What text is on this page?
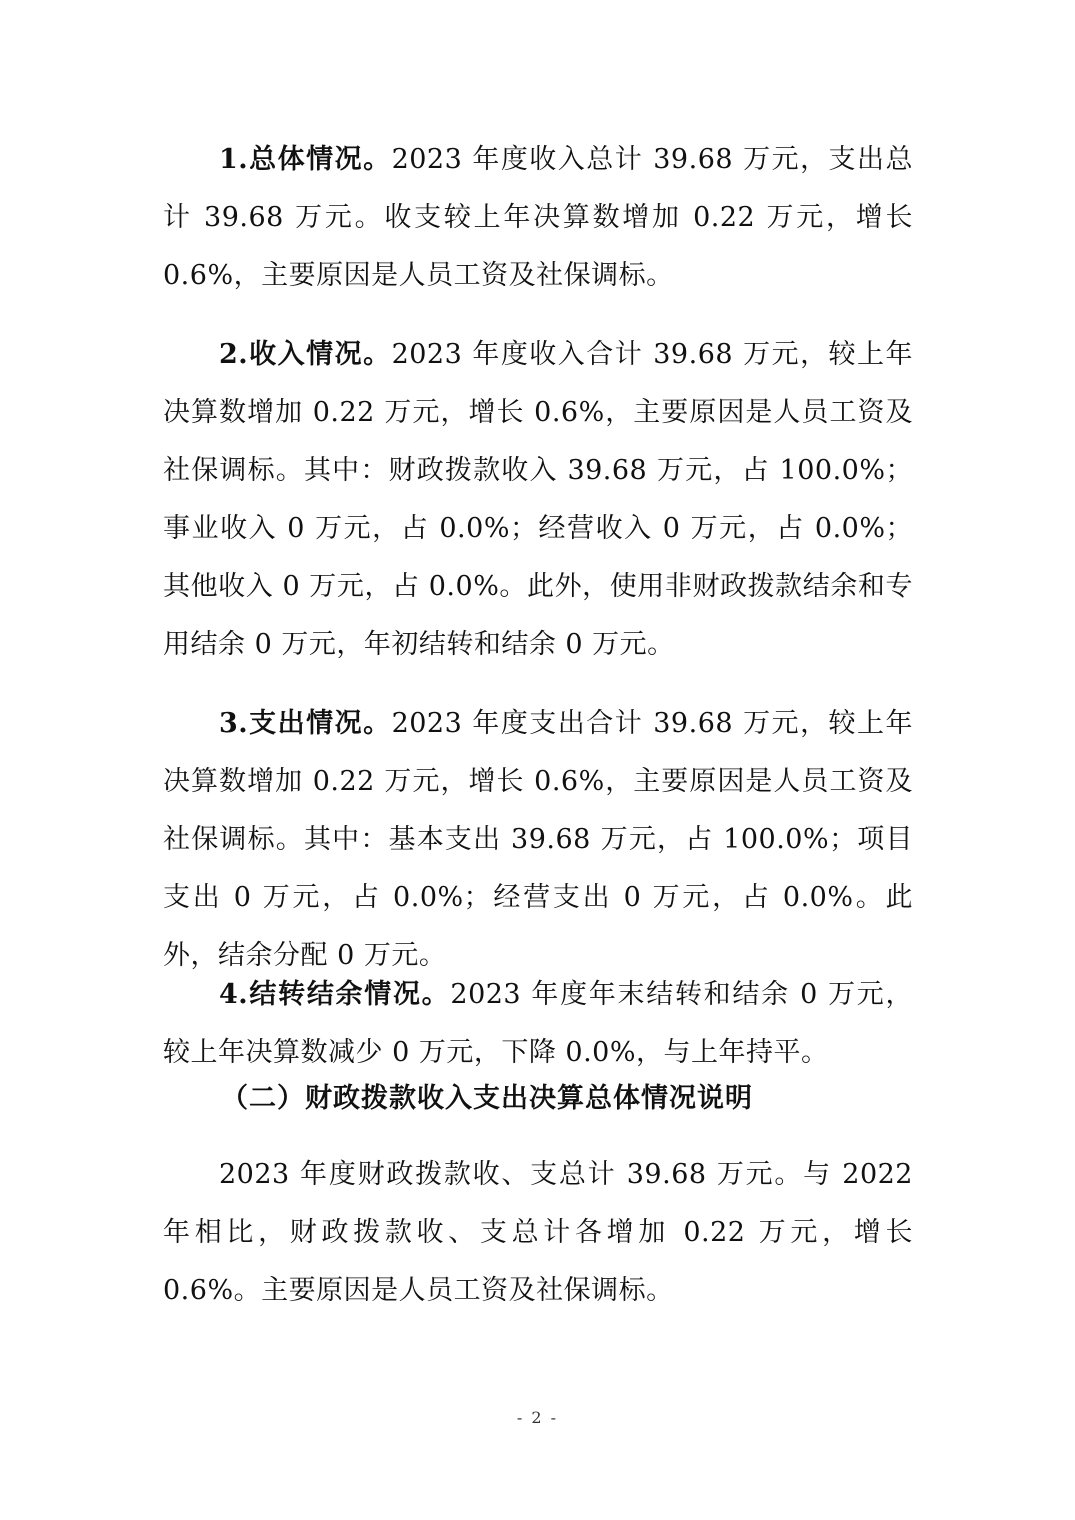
1.总体情况。2023 年度收入总计 39.68 万元，支出总计 39.68 万元。收支较上年决算数增加 0.22 万元，增长 0.6%，主要原因是人员工资及社保调标。

2.收入情况。2023 年度收入合计 39.68 万元，较上年决算数增加 0.22 万元，增长 0.6%，主要原因是人员工资及社保调标。其中：财政拨款收入 39.68 万元，占 100.0%；事业收入 0 万元，占 0.0%；经营收入 0 万元，占 0.0%；其他收入 0 万元，占 0.0%。此外，使用非财政拨款结余和专用结余 0 万元，年初结转和结余 0 万元。

3.支出情况。2023 年度支出合计 39.68 万元，较上年决算数增加 0.22 万元，增长 0.6%，主要原因是人员工资及社保调标。其中：基本支出 39.68 万元，占 100.0%；项目支出 0 万元，占 0.0%；经营支出 0 万元，占 0.0%。此外，结余分配 0 万元。

4.结转结余情况。2023 年度年末结转和结余 0 万元，较上年决算数减少 0 万元，下降 0.0%，与上年持平。

（二）财政拨款收入支出决算总体情况说明

2023 年度财政拨款收、支总计 39.68 万元。与 2022 年相比，财政拨款收、支总计各增加 0.22 万元，增长 0.6%。主要原因是人员工资及社保调标。

- 2 -
